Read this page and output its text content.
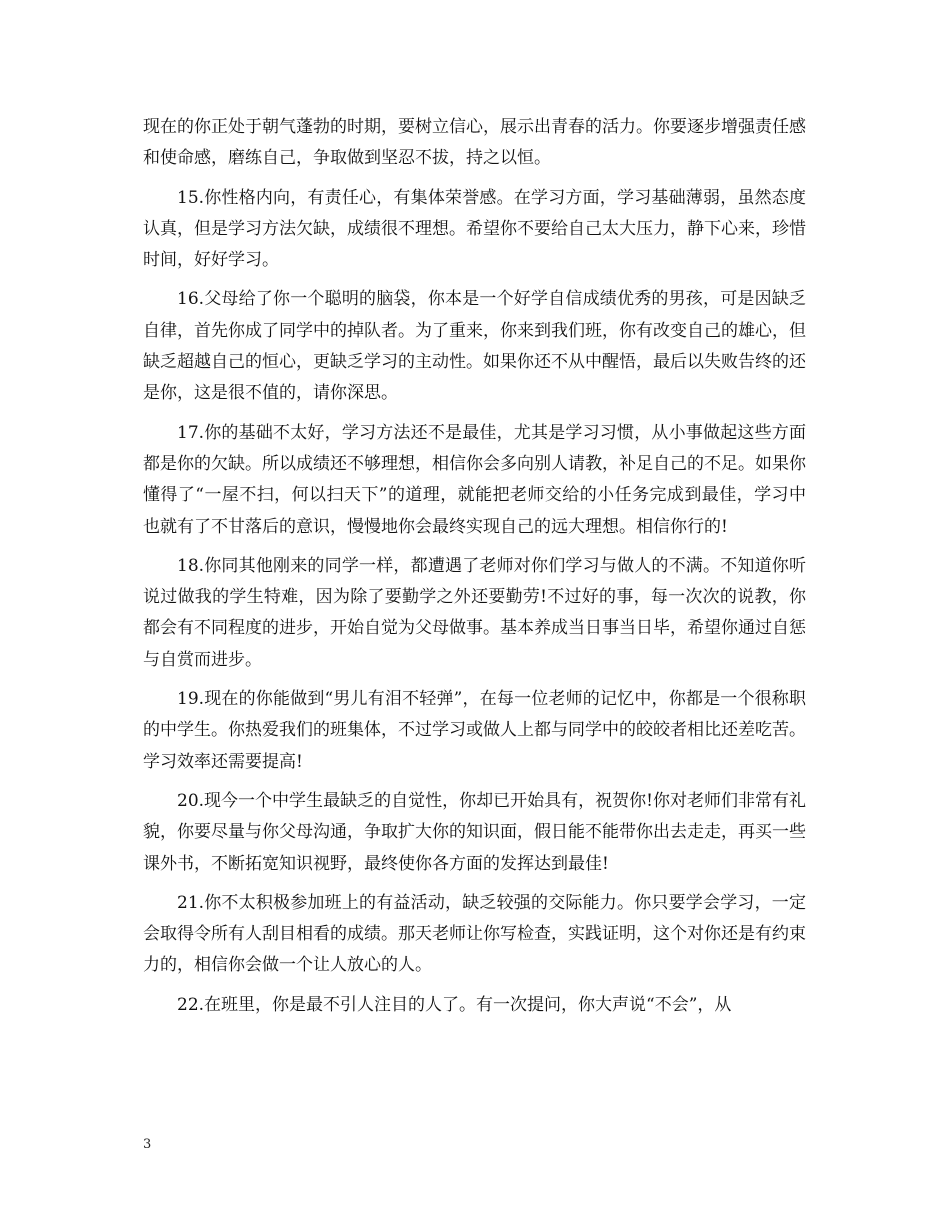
现在的你正处于朝气蓬勃的时期，要树立信心，展示出青春的活力。你要逐步增强责任感和使命感，磨练自己，争取做到坚忍不拔，持之以恒。

15.你性格内向，有责任心，有集体荣誉感。在学习方面，学习基础薄弱，虽然态度认真，但是学习方法欠缺，成绩很不理想。希望你不要给自己太大压力，静下心来，珍惜时间，好好学习。

16.父母给了你一个聪明的脑袋，你本是一个好学自信成绩优秀的男孩，可是因缺乏自律，首先你成了同学中的掉队者。为了重来，你来到我们班，你有改变自己的雄心，但缺乏超越自己的恒心，更缺乏学习的主动性。如果你还不从中醒悟，最后以失败告终的还是你，这是很不值的，请你深思。

17.你的基础不太好，学习方法还不是最佳，尤其是学习习惯，从小事做起这些方面都是你的欠缺。所以成绩还不够理想，相信你会多向别人请教，补足自己的不足。如果你懂得了“一屋不扫，何以扫天下”的道理，就能把老师交给的小任务完成到最佳，学习中也就有了不甘落后的意识，慢慢地你会最终实现自己的远大理想。相信你行的!

18.你同其他刚来的同学一样，都遭遇了老师对你们学习与做人的不满。不知道你听说过做我的学生特难，因为除了要勤学之外还要勤劳!不过好的事，每一次次的说教，你都会有不同程度的进步，开始自觉为父母做事。基本养成当日事当日毕，希望你通过自惩与自赏而进步。

19.现在的你能做到“男儿有泪不轻弹”，在每一位老师的记忆中，你都是一个很称职的中学生。你热爱我们的班集体，不过学习或做人上都与同学中的皎皎者相比还差吃苦。学习效率还需要提高!

20.现今一个中学生最缺乏的自觉性，你却已开始具有，祝贺你!你对老师们非常有礼貌，你要尽量与你父母沟通，争取扩大你的知识面，假日能不能带你出去走走，再买一些课外书，不断拓宽知识视野，最终使你各方面的发挥达到最佳!

21.你不太积极参加班上的有益活动，缺乏较强的交际能力。你只要学会学习，一定会取得令所有人刮目相看的成绩。那天老师让你写检查，实践证明，这个对你还是有约束力的，相信你会做一个让人放心的人。

22.在班里，你是最不引人注目的人了。有一次提问，你大声说“不会”，从

3
